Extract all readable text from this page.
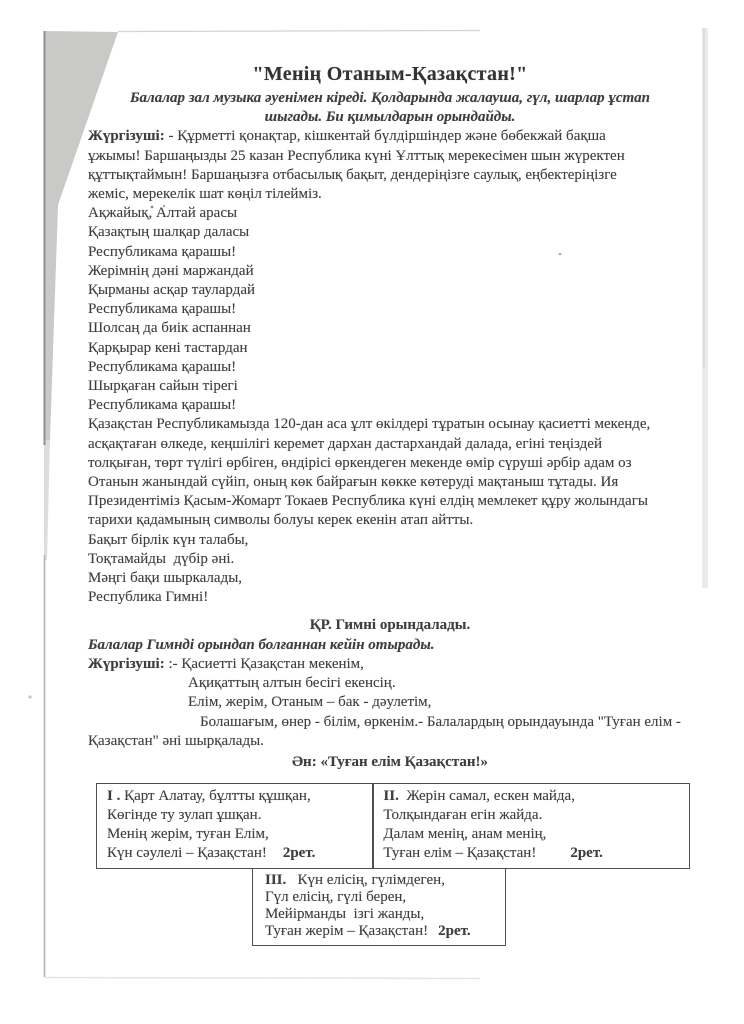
"Менің Отаным-Қазақстан!"
Балалар зал музыка әуенімен кіреді. Қолдарында жалауша, гүл, шарлар ұстап
шыгады. Би қимылдарын орындайды.
Жүргізуші: - Құрметті қонақтар, кішкентай бүлдіршіндер және бөбекжай бақша
ұжымы! Баршаңызды 25 казан Республика күні Ұлттық мерекесімен шын жүректен
құттықтаймын! Баршаңызға отбасылық бақыт, дендеріңізге саулық, еңбектеріңізге
жеміс, мерекелік шат көңіл тілейміз.
Ақжайық, Алтай арасы
Қазақтың шалқар даласы
Республикама қарашы!
Жерімнің дәні маржандай
Қырманы асқар таулардай
Республикама қарашы!
Шолсаң да биік аспаннан
Қарқырар кені тастардан
Республикама қарашы!
Шырқаған сайын тірегі
Республикама қарашы!
Қазақстан Республикамызда 120-дан аса ұлт өкілдері тұратын осынау қасиетті мекенде,
асқақтаған өлкеде, кеңшілігі керемет дархан дастархандай далада, егіні теңіздей
толқыған, төрт түлігі өрбіген, өндірісі өркендеген мекенде өмір сүруші әрбір адам оз
Отанын жанындай сүйіп, оның көк байрағын көкке көтеруді мақтаныш тұтады. Ия
Президентіміз Қасым-Жомарт Токаев Республика күні елдің мемлекет құру жолындагы
тарихи қадамының символы болуы керек екенін атап айтты.
Бақыт бірлік күн талабы,
Тоқтамайды  дүбір әні.
Мәңгі бақи шыркалады,
Республика Гимні!
ҚР. Гимні орындалады.
Балалар Гимнді орындап болғаннан кейін отырады.
Жүргізуші: :- Қасиетті Қазақстан мекенім,
Ақиқаттың алтын бесігі екенсің.
Елім, жерім, Отаным – бак - дәулетім,
Болашағым, өнер - білім, өркенім.- Балалардың орындауында "Туған елім -
Қазақстан" әні шырқалады.
Ән: «Туған елім Қазақстан!»
І . Қарт Алатау, бұлтты құшқан,
Көгінде ту зулап ұшқан.
Менің жерім, туған Елім,
Күн сәулелі – Қазақстан! 2рет.
ІІ.  Жерін самал, ескен майда,
Толқындаған егін жайда.
Далам менің, анам менің,
Туған елім – Қазақстан! 2рет.
ІІІ.   Күн елісің, гүлімдеген,
Гүл елісің, гүлі берен,
Мейірманды  ізгі жанды,
Туған жерім – Қазақстан! 2рет.
